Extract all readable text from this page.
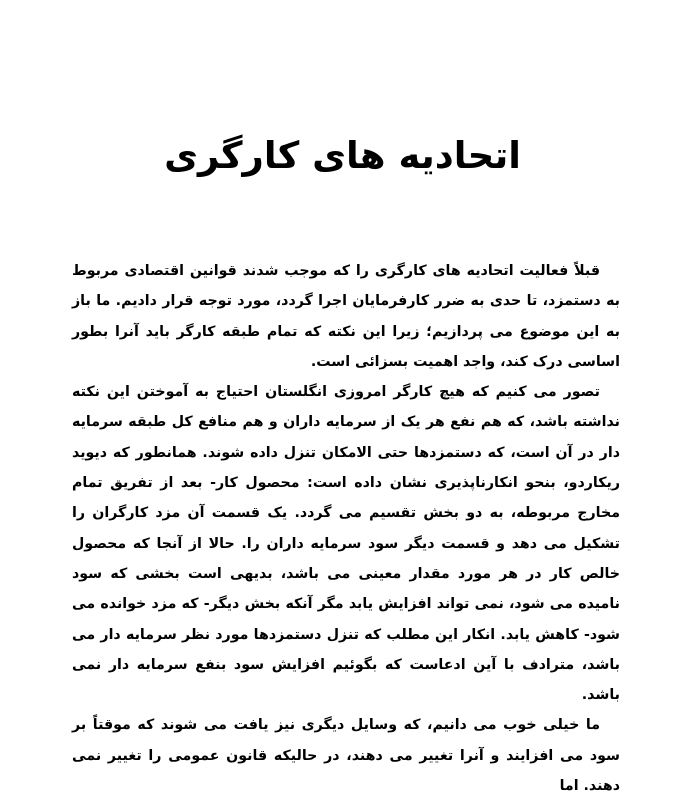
اتحادیه های کارگری

قبلاً فعالیت اتحادیه های کارگری را که موجب شدند قوانین اقتصادی مربوط به دستمزد، تا حدی به ضرر کارفرمایان اجرا گردد، مورد توجه قرار دادیم. ما باز به این موضوع می پردازیم؛ زیرا این نکته که تمام طبقه کارگر باید آنرا بطور اساسی درک کند، واجد اهمیت بسزائی است.

تصور می کنیم که هیچ کارگر امروزی انگلستان احتیاج به آموختن این نکته نداشته باشد، که هم نفع هر یک از سرمایه داران و هم منافع کل طبقه سرمایه دار در آن است، که دستمزدها حتی الامکان تنزل داده شوند. همانطور که دیوید ریکاردو، بنحو انکارناپذیری نشان داده است: محصول کار- بعد از تفریق تمام مخارج مربوطه، به دو بخش تقسیم می گردد. یک قسمت آن مزد کارگران را تشکیل می دهد و قسمت دیگر سود سرمایه داران را. حالا از آنجا که محصول خالص کار در هر مورد مقدار معینی می باشد، بدیهی است بخشی که سود نامیده می شود، نمی تواند افزایش یابد مگر آنکه بخش دیگر- که مزد خوانده می شود- کاهش یابد. انکار این مطلب که تنزل دستمزدها مورد نظر سرمایه دار می باشد، مترادف با آین ادعاست که بگوئیم افزایش سود بنفع سرمایه دار نمی باشد.

ما خیلی خوب می دانیم، که وسایل دیگری نیز یافت می شوند که موقتاً بر سود می افزایند و آنرا تغییر می دهند، در حالیکه قانون عمومی را تغییر نمی دهند. اما
